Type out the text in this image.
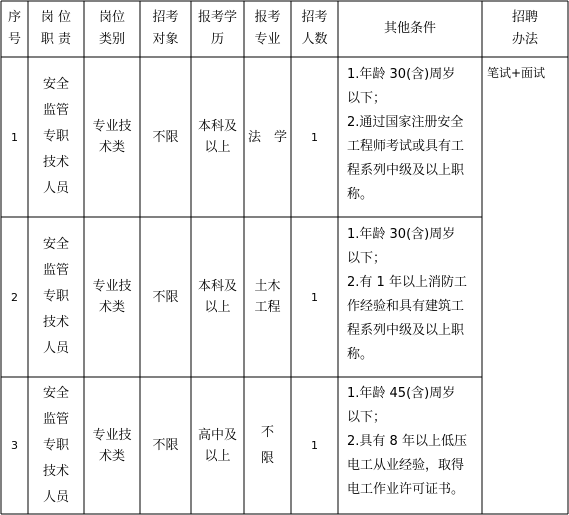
序
号
岗 位
职 责
岗位
类别
招考
对象
报考学
历
报考
专业
招考
人数
其他条件
招聘
办法
1
安全
监管
专职
技术
人员
专业技
术类
不限
本科及
以上
法　学 1

1.年龄 30(含)周岁

以下；

2.通过国家注册安全

工程师考试或具有工

程系列中级及以上职

称。

2
安全
监管
专职
技术
人员
专业技
术类
不限
本科及
以上
土木
工程
1

1.年龄 30(含)周岁

以下；

2.有 1 年以上消防工

作经验和具有建筑工

程系列中级及以上职

称。

3
安全
监管
专职
技术
人员
专业技
术类
不限
高中及
以上
不
限
1

1.年龄 45(含)周岁

以下；

2.具有 8 年以上低压

电工从业经验，取得

电工作业许可证书。

笔试+面试
